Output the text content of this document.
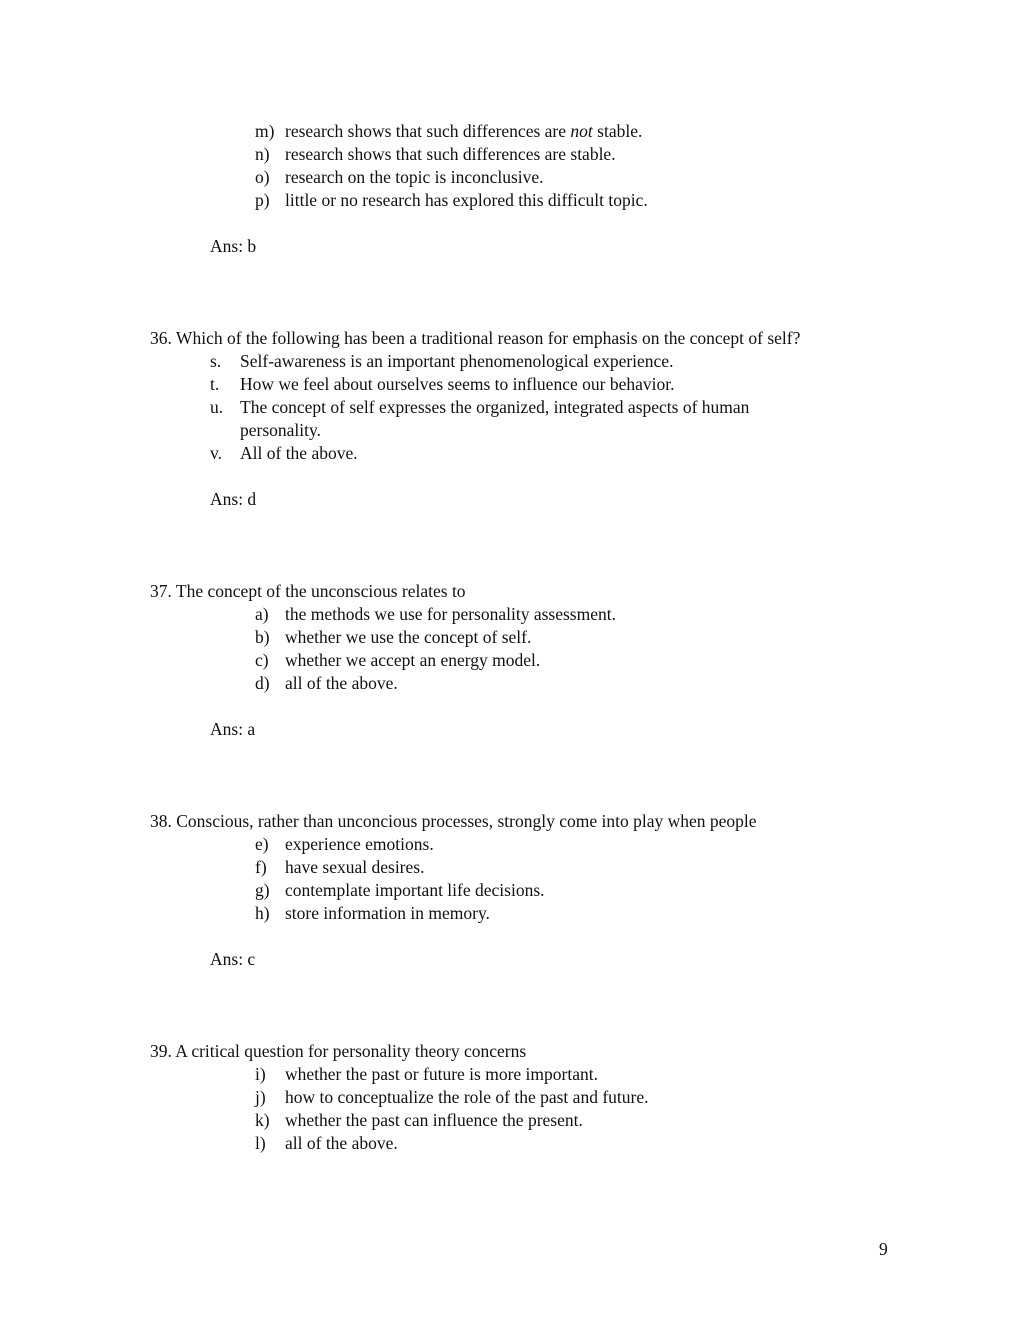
m) research shows that such differences are not stable.
n) research shows that such differences are stable.
o) research on the topic is inconclusive.
p) little or no research has explored this difficult topic.
Ans: b
36. Which of the following has been a traditional reason for emphasis on the concept of self?
s. Self-awareness is an important phenomenological experience.
t. How we feel about ourselves seems to influence our behavior.
u. The concept of self expresses the organized, integrated aspects of human
personality.
v. All of the above.
Ans: d
37. The concept of the unconscious relates to
a) the methods we use for personality assessment.
b) whether we use the concept of self.
c) whether we accept an energy model.
d) all of the above.
Ans: a
38. Conscious, rather than unconcious processes, strongly come into play when people
e) experience emotions.
f) have sexual desires.
g) contemplate important life decisions.
h) store information in memory.
Ans: c
39. A critical question for personality theory concerns
i) whether the past or future is more important.
j) how to conceptualize the role of the past and future.
k) whether the past can influence the present.
l) all of the above.
9
